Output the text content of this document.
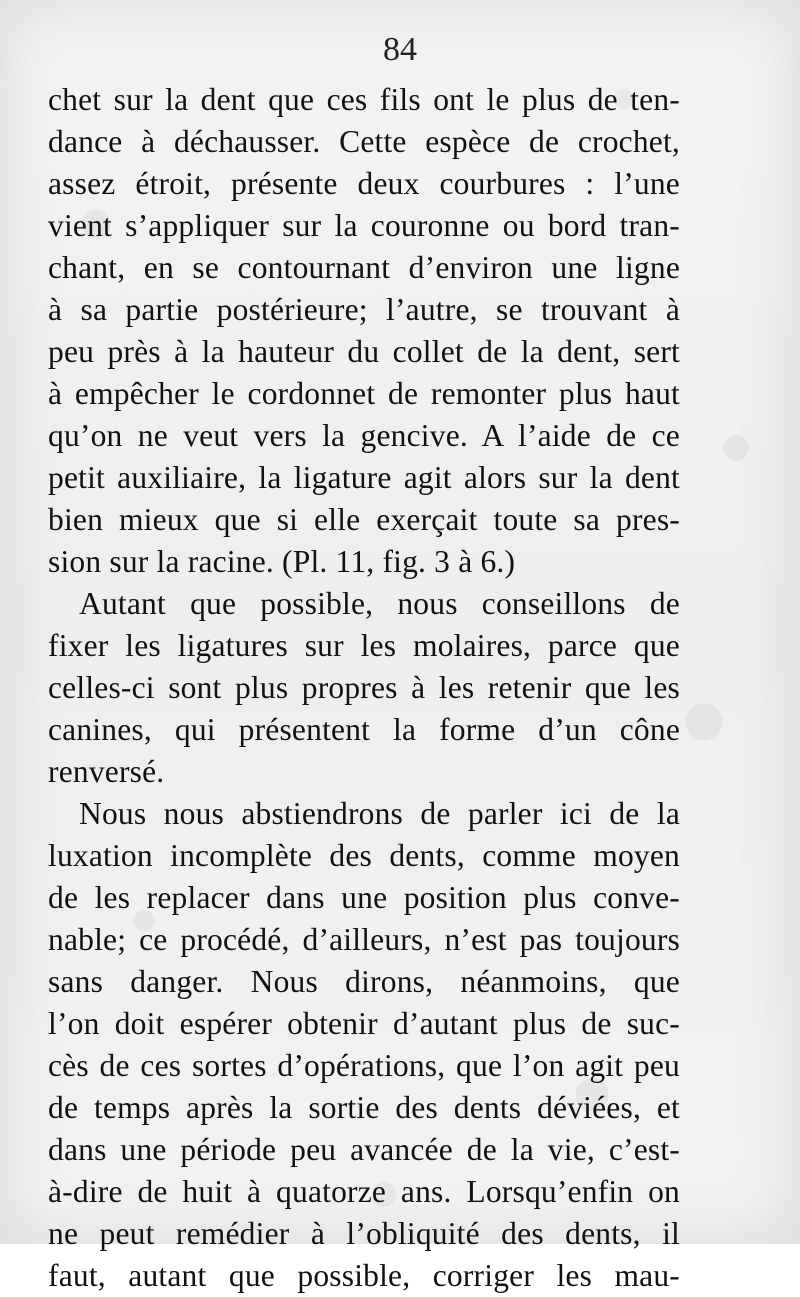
84
chet sur la dent que ces fils ont le plus de ten-
dance à déchausser. Cette espèce de crochet,
assez étroit, présente deux courbures : l’une
vient s’appliquer sur la couronne ou bord tran-
chant, en se contournant d’environ une ligne
à sa partie postérieure; l’autre, se trouvant à
peu près à la hauteur du collet de la dent, sert
à empêcher le cordonnet de remonter plus haut
qu’on ne veut vers la gencive. A l’aide de ce
petit auxiliaire, la ligature agit alors sur la dent
bien mieux que si elle exerçait toute sa pres-
sion sur la racine. (Pl. 11, fig. 3 à 6.)
Autant que possible, nous conseillons de
fixer les ligatures sur les molaires, parce que
celles-ci sont plus propres à les retenir que les
canines, qui présentent la forme d’un cône
renversé.
Nous nous abstiendrons de parler ici de la
luxation incomplète des dents, comme moyen
de les replacer dans une position plus conve-
nable; ce procédé, d’ailleurs, n’est pas toujours
sans danger. Nous dirons, néanmoins, que
l’on doit espérer obtenir d’autant plus de suc-
cès de ces sortes d’opérations, que l’on agit peu
de temps après la sortie des dents déviées, et
dans une période peu avancée de la vie, c’est-
à-dire de huit à quatorze ans. Lorsqu’enfin on
ne peut remédier à l’obliquité des dents, il
faut, autant que possible, corriger les mau-
